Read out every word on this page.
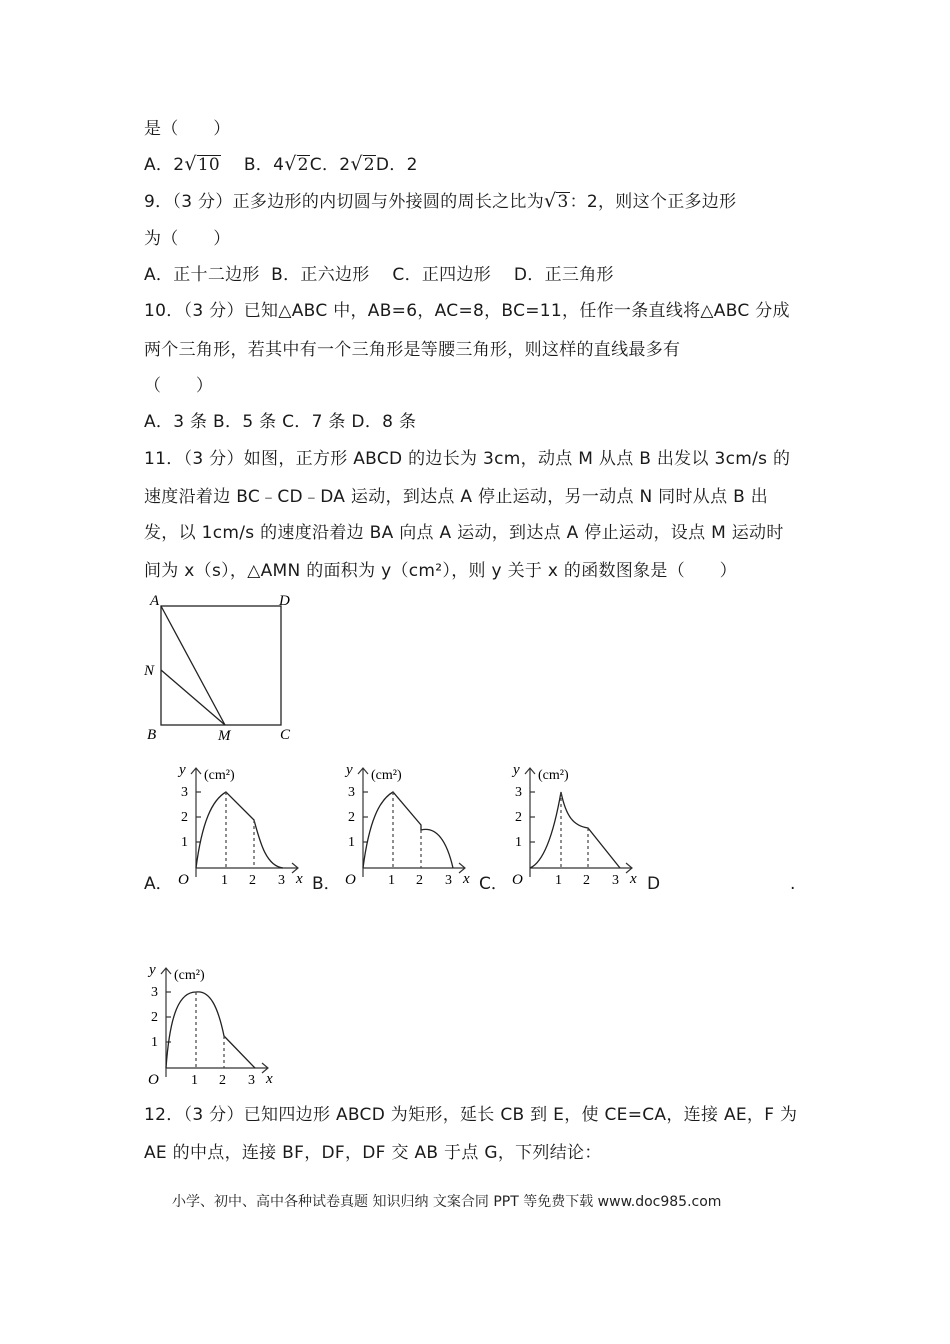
是（　　）
A．2√10 B．4√2C．2√2D．2
9．（3 分）正多边形的内切圆与外接圆的周长之比为√3：2，则这个正多边形
为（　　）
A．正十二边形  B．正六边形    C．正四边形    D．正三角形
10．（3 分）已知△ABC 中，AB=6，AC=8，BC=11，任作一条直线将△ABC 分成
两个三角形，若其中有一个三角形是等腰三角形，则这样的直线最多有
（　　）
A．3 条 B．5 条 C．7 条 D．8 条
11．（3 分）如图，正方形 ABCD 的边长为 3cm，动点 M 从点 B 出发以 3cm/s 的
速度沿着边 BC﹣CD﹣DA 运动，到达点 A 停止运动，另一动点 N 同时从点 B 出
发，以 1cm/s 的速度沿着边 BA 向点 A 运动，到达点 A 停止运动，设点 M 运动时
间为 x（s），△AMN 的面积为 y（cm²），则 y 关于 x 的函数图象是（　　）
A	D
N
B	M	C
A．	B．	C．	D	.
y (cm²)
1
2
3
O 1 2 3 x
y (cm²)
1
2
3
O 1 2 3 x
y (cm²)
1
2
3
O 1 2 3 x
y (cm²)
1
2
3
O 1 2 3 x
12．（3 分）已知四边形 ABCD 为矩形，延长 CB 到 E，使 CE=CA，连接 AE，F 为
AE 的中点，连接 BF，DF，DF 交 AB 于点 G，下列结论：
小学、初中、高中各种试卷真题 知识归纳 文案合同 PPT 等免费下载 www.doc985.com
